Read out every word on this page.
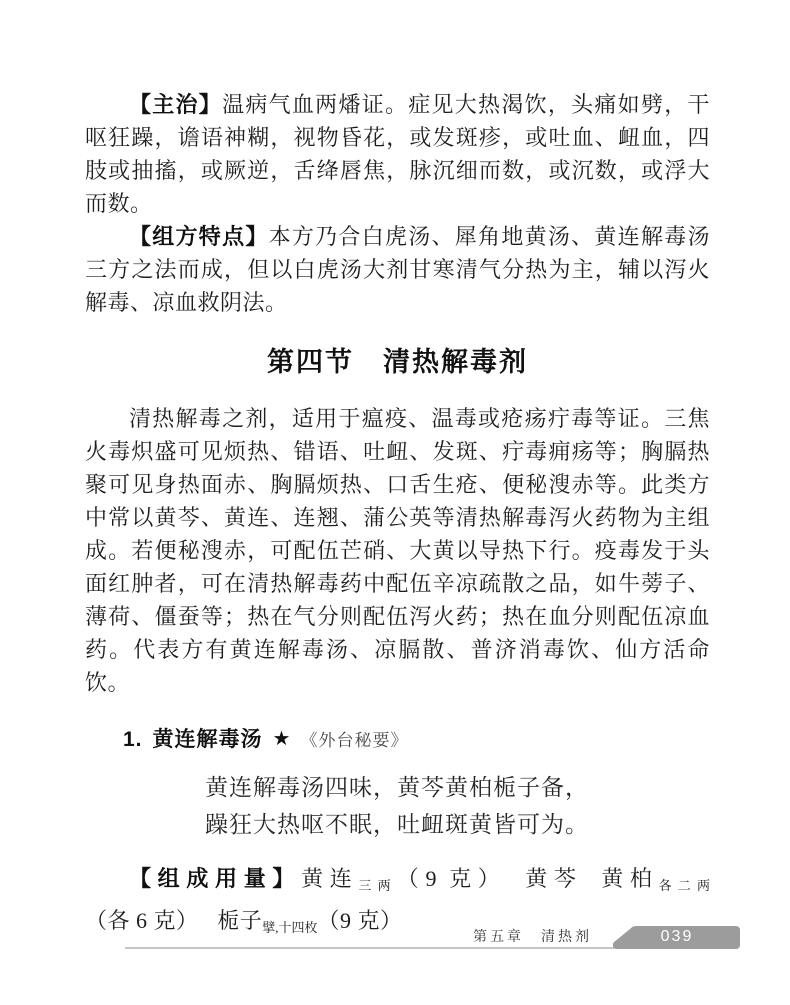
【主治】温病气血两燔证。症见大热渴饮，头痛如劈，干呕狂躁，谵语神糊，视物昏花，或发斑疹，或吐血、衄血，四肢或抽搐，或厥逆，舌绛唇焦，脉沉细而数，或沉数，或浮大而数。

【组方特点】本方乃合白虎汤、犀角地黄汤、黄连解毒汤三方之法而成，但以白虎汤大剂甘寒清气分热为主，辅以泻火解毒、凉血救阴法。

第四节　清热解毒剂

清热解毒之剂，适用于瘟疫、温毒或疮疡疔毒等证。三焦火毒炽盛可见烦热、错语、吐衄、发斑、疔毒痈疡等；胸膈热聚可见身热面赤、胸膈烦热、口舌生疮、便秘溲赤等。此类方中常以黄芩、黄连、连翘、蒲公英等清热解毒泻火药物为主组成。若便秘溲赤，可配伍芒硝、大黄以导热下行。疫毒发于头面红肿者，可在清热解毒药中配伍辛凉疏散之品，如牛蒡子、薄荷、僵蚕等；热在气分则配伍泻火药；热在血分则配伍凉血药。代表方有黄连解毒汤、凉膈散、普济消毒饮、仙方活命饮。

1. 黄连解毒汤 ★ 《外台秘要》
黄连解毒汤四味，黄芩黄柏栀子备，
躁狂大热呕不眠，吐衄斑黄皆可为。

【组成用量】黄连$_{三两}$（9 克） 黄芩 黄柏$_{各二两}$（各 6 克） 栀子$_{擘,十四枚}$（9 克）

第五章　清热剂	039
